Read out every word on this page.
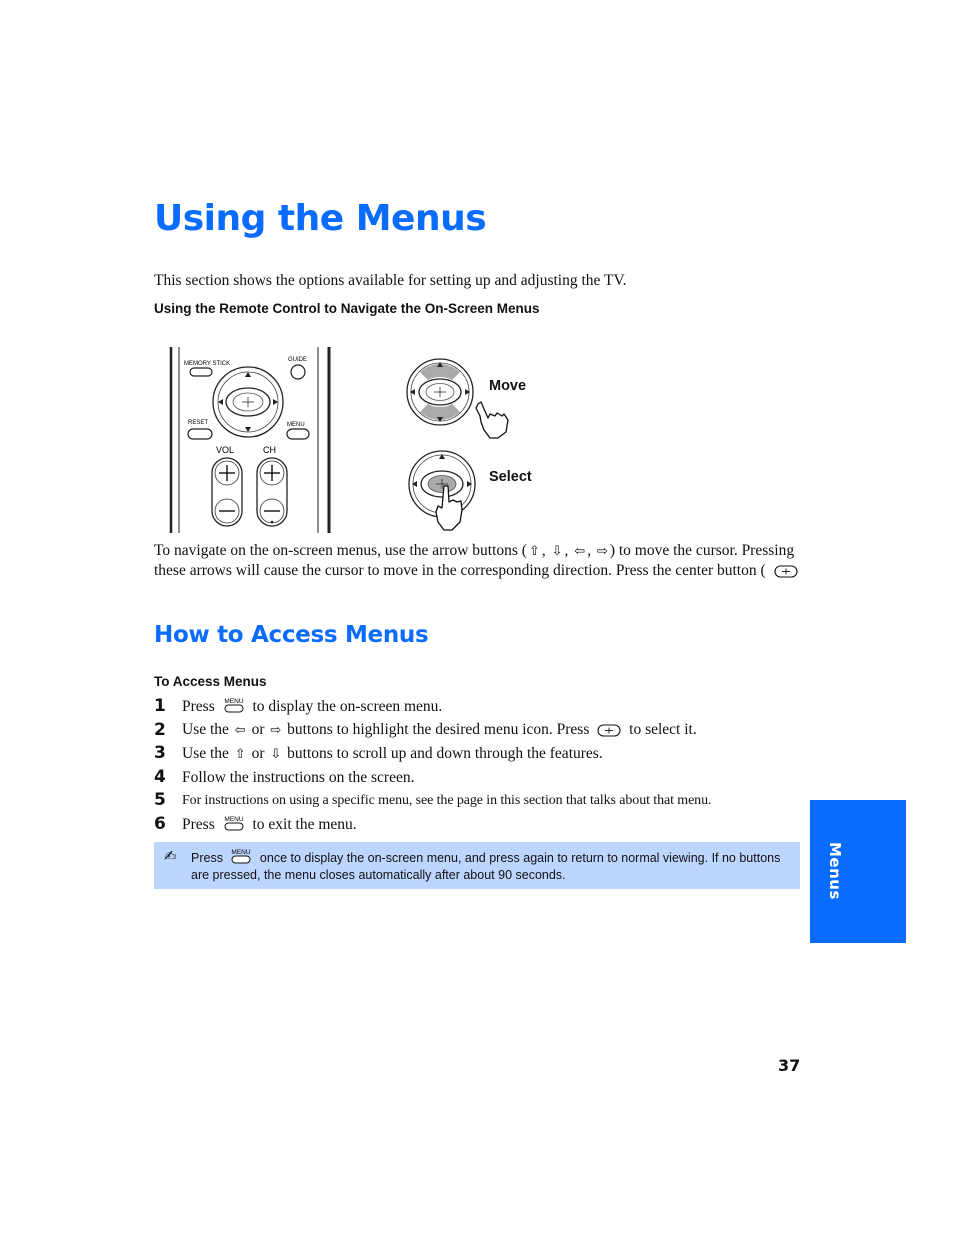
Using the Menus
This section shows the options available for setting up and adjusting the TV.
Using the Remote Control to Navigate the On-Screen Menus
MEMORY STICK
GUIDE
RESET	MENU
VOL	CH
Move
Select
To navigate on the on-screen menus, use the arrow buttons ( ⇧ , ⇩ , ⇦ , ⇨ ) to move the cursor. Pressing these arrows will cause the cursor to move in the corresponding direction. Press the center button (
How to Access Menus
To Access Menus
1	Press MENU to display the on-screen menu.
2	Use the ⇦ or ⇨ buttons to highlight the desired menu icon. Press	to select it.
3	Use the ⇧ or ⇩ buttons to scroll up and down through the features.
4	Follow the instructions on the screen.
5	For instructions on using a specific menu, see the page in this section that talks about that menu.
6	Press MENU to exit the menu.
✍ Press MENU once to display the on-screen menu, and press again to return to normal viewing. If no buttons are pressed, the menu closes automatically after about 90 seconds.	Menus
37
